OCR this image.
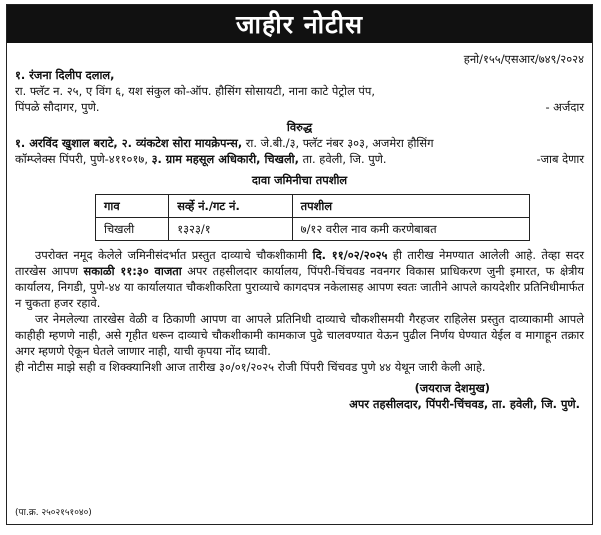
जाहीर नोटीस
हनो/१५५/एसआर/७४९/२०२४
१. रंजना दिलीप दलाल,
रा. फ्लॅट न. २५, ए विंग ६, यश संकुल को-ऑप. हौसिंग सोसायटी, नाना काटे पेट्रोल पंप,
पिंपळे सौदागर, पुणे.	- अर्जदार
विरुद्ध
१. अरविंद खुशाल बराटे, २. व्यंकटेश सोरा मायक्रेपन्स, रा. जे.बी./३, फ्लॅट नंबर ३०३, अजमेरा हौसिंग
कॉम्प्लेक्स पिंपरी, पुणे-४११०१७, ३. ग्राम महसूल अधिकारी, चिखली, ता. हवेली, जि. पुणे.	-जाब देणार
दावा जमिनीचा तपशील
गाव	सर्व्हे नं./गट नं.	तपशील
चिखली	१३२३/१	७/१२ वरील नाव कमी करणेबाबत
उपरोक्त नमूद केलेले जमिनीसंदर्भात प्रस्तुत दाव्याचे चौकशीकामी दि. ११/०२/२०२५ ही तारीख नेमण्यात आलेली आहे. तेव्हा सदर तारखेस आपण सकाळी ११:३० वाजता अपर तहसीलदार कार्यालय, पिंपरी-चिंचवड नवनगर विकास प्राधिकरण जुनी इमारत, फ क्षेत्रीय कार्यालय, निगडी, पुणे-४४ या कार्यालयात चौकशीकरिता पुराव्याचे कागदपत्र नकेलासह आपण स्वतः जातीने आपले कायदेशीर प्रतिनिधीमार्फत न चुकता हजर रहावे.
जर नेमलेल्या तारखेस वेळी व ठिकाणी आपण वा आपले प्रतिनिधी दाव्याचे चौकशीसमयी गैरहजर राहिलेस प्रस्तुत दाव्याकामी आपले काहीही म्हणणे नाही, असे गृहीत धरून दाव्याचे चौकशीकामी कामकाज पुढे चालवण्यात येऊन पुढील निर्णय घेण्यात येईल व मागाहून तक्रार अगर म्हणणे ऐकून घेतले जाणार नाही, याची कृपया नोंद घ्यावी.
ही नोटीस माझे सही व शिक्क्यानिशी आज तारीख ३०/०१/२०२५ रोजी पिंपरी चिंचवड पुणे ४४ येथून जारी केली आहे.
(जयराज देशमुख)
अपर तहसीलदार, पिंपरी-चिंचवड, ता. हवेली, जि. पुणे.
(पा.क्र. २५०२१५१०४०)
